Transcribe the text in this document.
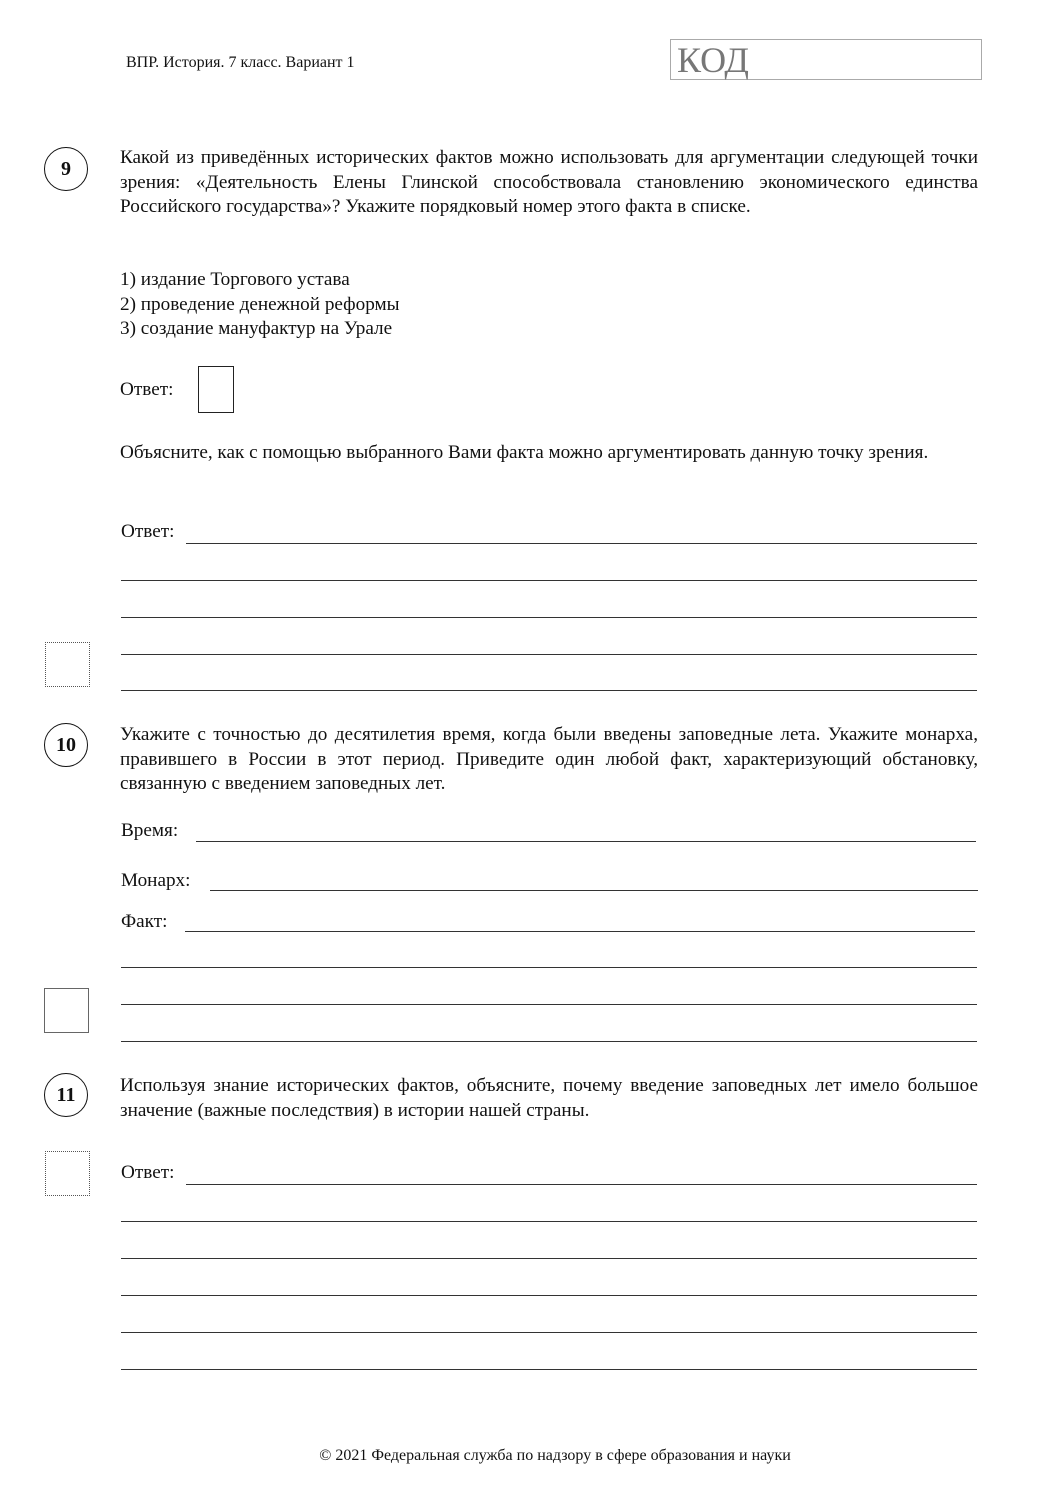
ВПР. История. 7 класс. Вариант 1	КОД
9	Какой из приведённых исторических фактов можно использовать для аргументации следующей точки зрения: «Деятельность Елены Глинской способствовала становлению экономического единства Российского государства»? Укажите порядковый номер этого факта в списке.
1) издание Торгового устава
2) проведение денежной реформы
3) создание мануфактур на Урале
Ответ:
Объясните, как с помощью выбранного Вами факта можно аргументировать данную точку зрения.
Ответ:
10	Укажите с точностью до десятилетия время, когда были введены заповедные лета. Укажите монарха, правившего в России в этот период. Приведите один любой факт, характеризующий обстановку, связанную с введением заповедных лет.
Время:
Монарх:
Факт:
11	Используя знание исторических фактов, объясните, почему введение заповедных лет имело большое значение (важные последствия) в истории нашей страны.
Ответ:
© 2021 Федеральная служба по надзору в сфере образования и науки
